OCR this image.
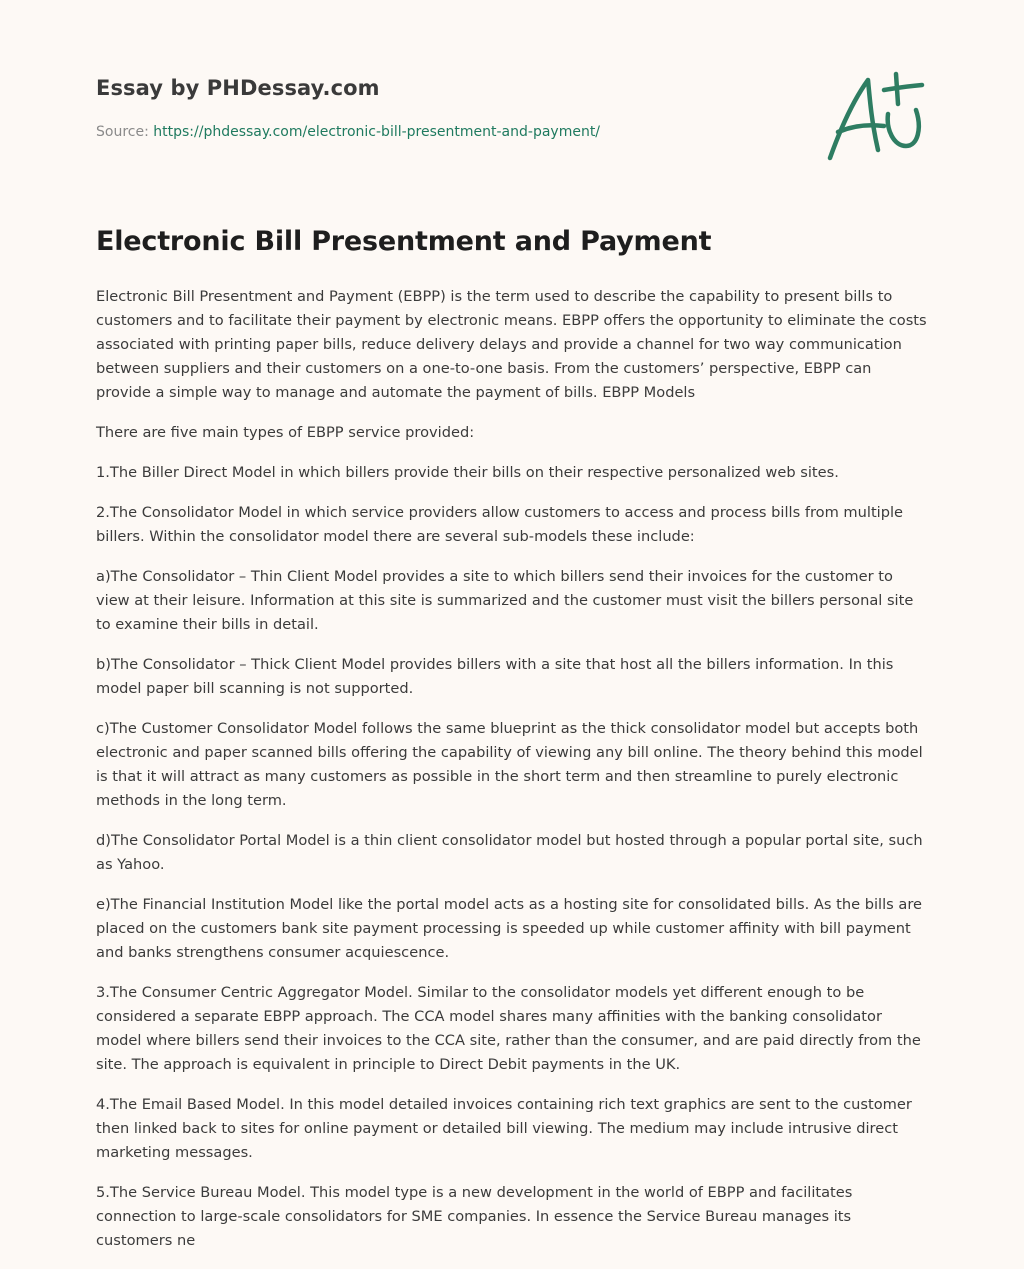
Essay by PHDessay.com

Source: https://phdessay.com/electronic-bill-presentment-and-payment/

Electronic Bill Presentment and Payment

Electronic Bill Presentment and Payment (EBPP) is the term used to describe the capability to present bills to customers and to facilitate their payment by electronic means. EBPP offers the opportunity to eliminate the costs associated with printing paper bills, reduce delivery delays and provide a channel for two way communication between suppliers and their customers on a one-to-one basis. From the customers’ perspective, EBPP can provide a simple way to manage and automate the payment of bills. EBPP Models

There are five main types of EBPP service provided:

1.The Biller Direct Model in which billers provide their bills on their respective personalized web sites.

2.The Consolidator Model in which service providers allow customers to access and process bills from multiple billers. Within the consolidator model there are several sub-models these include:

a)The Consolidator – Thin Client Model provides a site to which billers send their invoices for the customer to view at their leisure. Information at this site is summarized and the customer must visit the billers personal site to examine their bills in detail.

b)The Consolidator – Thick Client Model provides billers with a site that host all the billers information. In this model paper bill scanning is not supported.

c)The Customer Consolidator Model follows the same blueprint as the thick consolidator model but accepts both electronic and paper scanned bills offering the capability of viewing any bill online. The theory behind this model is that it will attract as many customers as possible in the short term and then streamline to purely electronic methods in the long term.

d)The Consolidator Portal Model is a thin client consolidator model but hosted through a popular portal site, such as Yahoo.

e)The Financial Institution Model like the portal model acts as a hosting site for consolidated bills. As the bills are placed on the customers bank site payment processing is speeded up while customer affinity with bill payment and banks strengthens consumer acquiescence.

3.The Consumer Centric Aggregator Model. Similar to the consolidator models yet different enough to be considered a separate EBPP approach. The CCA model shares many affinities with the banking consolidator model where billers send their invoices to the CCA site, rather than the consumer, and are paid directly from the site. The approach is equivalent in principle to Direct Debit payments in the UK.

4.The Email Based Model. In this model detailed invoices containing rich text graphics are sent to the customer then linked back to sites for online payment or detailed bill viewing. The medium may include intrusive direct marketing messages.

5.The Service Bureau Model. This model type is a new development in the world of EBPP and facilitates connection to large-scale consolidators for SME companies. In essence the Service Bureau manages its customers ne
